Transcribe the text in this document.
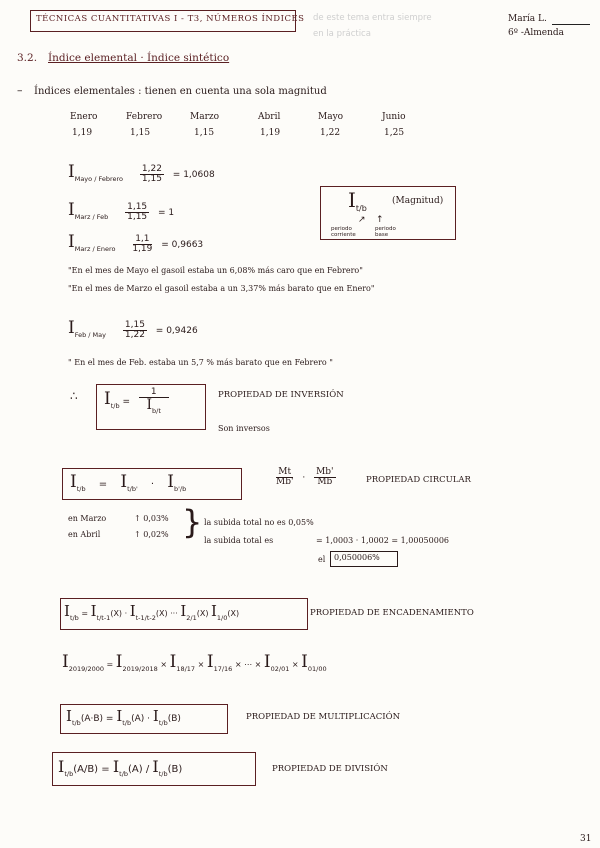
TÉCNICAS CUANTITATIVAS I - T3, NÚMEROS ÍNDICES de este tema entra siempre
en la práctica
María L.
6º -Almenda
3.2. Índice elemental · Índice sintético
– Índices elementales : tienen en cuenta una sola magnitud
Enero	Febrero	Marzo	Abril	Mayo	Junio
1,19	1,15	1,15	1,19	1,22	1,25
$I_{Mayo / Febrero} \frac{1,22}{1,15} = 1,0608$
$I_{Marz / Feb} \frac{1,15}{1,15} = 1$
$I_{Marz / Enero} \frac{1,1}{1,19} = 0,9663$
$I_{t/b}$
(Magnitud)
↗ ↑
periodo corriente
periodo base
"En el mes de Mayo el gasoil estaba un 6,08% más caro que en Febrero"
"En el mes de Marzo el gasoil estaba a un 3,37% más barato que en Enero"
$I_{Feb / May} \frac{1,15}{1,22} = 0,9426$
" En el mes de Feb. estaba un 5,7 % más barato que en Febrero "
∴ $I_{t/b} = \frac{1}{I_{b/t}}$	PROPIEDAD DE INVERSIÓN
Son inversos
$I_{t/b} = I_{t/b'} \cdot I_{b'/b}$
$\frac{Mt}{Mb'} \cdot \frac{Mb'}{Mb}$	PROPIEDAD CIRCULAR
en Marzo	↑ 0,03%
en Abril	↑ 0,02% } la subida total no es 0,05%
la subida total es	= 1,0003 · 1,0002 = 1,00050006
el 0,050006%
$I_{t/b} = I_{t/t-1}(X) \cdot I_{t-1/t-2}(X)$ ··· $I_{2/1}(X)$ $I_{1/0}(X)$	PROPIEDAD DE ENCADENAMIENTO
$I_{2019/2000} = I_{2019/2018} \times I_{18/17} \times I_{17/16}$ × ⋯ × $I_{02/01} \times I_{01/00}$
$I_{t/b}(A\cdot B) = I_{t/b}(A) \cdot I_{t/b}(B)$	PROPIEDAD DE MULTIPLICACIÓN
$I_{t/b}(A/B) = I_{t/b}(A) / I_{t/b}(B)$	PROPIEDAD DE DIVISIÓN
31
